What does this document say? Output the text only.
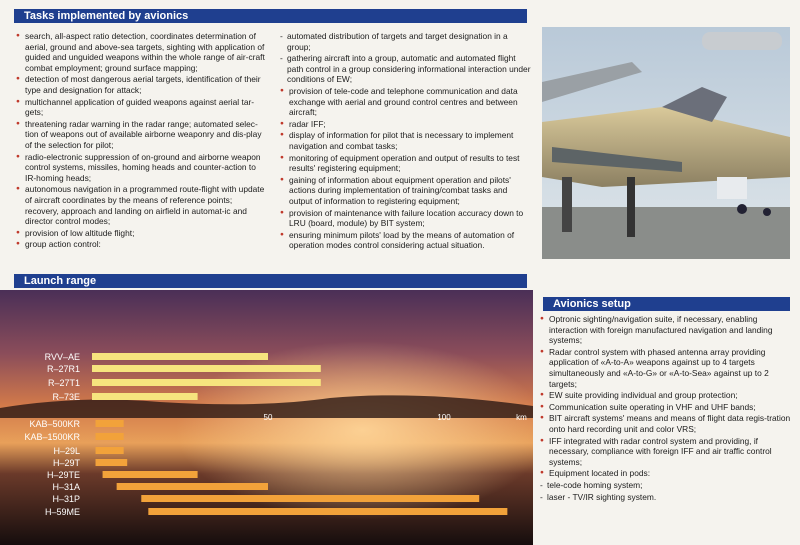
Tasks implemented by avionics
● search, all-aspect ratio detection, coordinates determination of aerial, ground and above-sea targets, sighting with application of guided and unguided weapons within the whole range of air-craft combat employment; ground surface mapping;
● detection of most dangerous aerial targets, identification of their type and designation for attack;
● multichannel application of guided weapons against aerial tar-gets;
● threatening radar warning in the radar range; automated selec-tion of weapons out of available airborne weaponry and dis-play of the selection for pilot;
● radio-electronic suppression of on-ground and airborne weapon control systems, missiles, homing heads and counter-action to IR-homing heads;
● autonomous navigation in a programmed route-flight with update of aircraft coordinates by the means of reference points; recovery, approach and landing on airfield in automat-ic and director control modes;
● provision of low altitude flight;
● group action control:
- automated distribution of targets and target designation in a group;
- gathering aircraft into a group, automatic and automated flight path control in a group considering informational interaction under conditions of EW;
● provision of tele-code and telephone communication and data exchange with aerial and ground control centres and between aircraft;
● radar IFF;
● display of information for pilot that is necessary to implement navigation and combat tasks;
● monitoring of equipment operation and output of results to test results' registering equipment;
● gaining of information about equipment operation and pilots' actions during implementation of training/combat tasks and output of information to registering equipment;
● provision of maintenance with failure location accuracy down to LRU (board, module) by BIT system;
● ensuring minimum pilots' load by the means of automation of operation modes control considering actual situation.
RVV–AE
R–27R1
R–27T1
R–73E
KAB–500KR
KAB–1500KR
H–29L
H–29T
H–29TE
H–31A
H–31P
H–59ME
50	100	km
Launch range
Avionics setup
● Optronic sighting/navigation suite, if necessary, enabling interaction with foreign manufactured navigation and landing systems;
● Radar control system with phased antenna array providing application of «A-to-A» weapons against up to 4 targets simultaneously and «A-to-G» or «A-to-Sea» against up to 2 targets;
● EW suite providing individual and group protection;
● Communication suite operating in VHF and UHF bands;
● BIT aircraft systems' means and means of flight data regis-tration onto hard recording unit and color VRS;
● IFF integrated with radar control system and providing, if necessary, compliance with foreign IFF and air traffic control systems;
● Equipment located in pods:
- tele-code homing system;
- laser - TV/IR sighting system.
